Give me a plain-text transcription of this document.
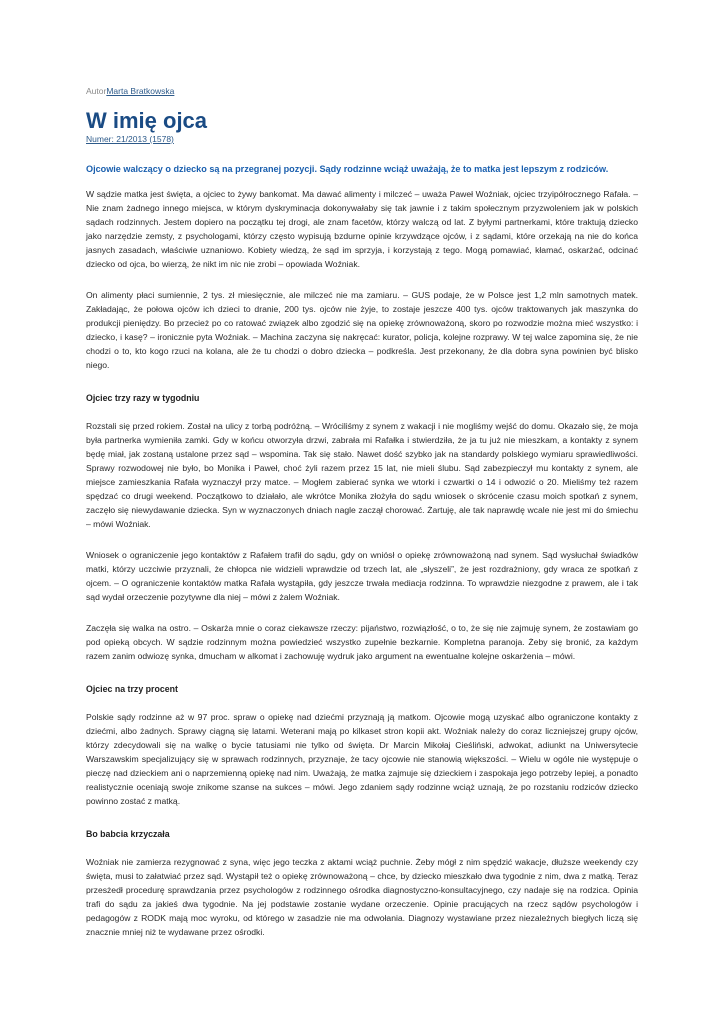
AutorMarta Bratkowska
W imię ojca
Numer: 21/2013 (1578)

Ojcowie walczący o dziecko są na przegranej pozycji. Sądy rodzinne wciąż uważają, że to matka jest lepszym z rodziców.

W sądzie matka jest święta, a ojciec to żywy bankomat. Ma dawać alimenty i milczeć – uważa Paweł Woźniak, ojciec trzyipółrocznego Rafała. – Nie znam żadnego innego miejsca, w którym dyskryminacja dokonywałaby się tak jawnie i z takim społecznym przyzwoleniem jak w polskich sądach rodzinnych. Jestem dopiero na początku tej drogi, ale znam facetów, którzy walczą od lat. Z byłymi partnerkami, które traktują dziecko jako narzędzie zemsty, z psychologami, którzy często wypisują bzdurne opinie krzywdzące ojców, i z sądami, które orzekają na nie do końca jasnych zasadach, właściwie uznaniowo. Kobiety wiedzą, że sąd im sprzyja, i korzystają z tego. Mogą pomawiać, kłamać, oskarżać, odcinać dziecko od ojca, bo wierzą, że nikt im nic nie zrobi – opowiada Woźniak.

On alimenty płaci sumiennie, 2 tys. zł miesięcznie, ale milczeć nie ma zamiaru. – GUS podaje, że w Polsce jest 1,2 mln samotnych matek. Zakładając, że połowa ojców ich dzieci to dranie, 200 tys. ojców nie żyje, to zostaje jeszcze 400 tys. ojców traktowanych jak maszynka do produkcji pieniędzy. Bo przecież po co ratować związek albo zgodzić się na opiekę zrównoważoną, skoro po rozwodzie można mieć wszystko: i dziecko, i kasę? – ironicznie pyta Woźniak. – Machina zaczyna się nakręcać: kurator, policja, kolejne rozprawy. W tej walce zapomina się, że nie chodzi o to, kto kogo rzuci na kolana, ale że tu chodzi o dobro dziecka – podkreśla. Jest przekonany, że dla dobra syna powinien być blisko niego.

Ojciec trzy razy w tygodniu

Rozstali się przed rokiem. Został na ulicy z torbą podróżną. – Wróciliśmy z synem z wakacji i nie mogliśmy wejść do domu. Okazało się, że moja była partnerka wymieniła zamki. Gdy w końcu otworzyła drzwi, zabrała mi Rafałka i stwierdziła, że ja tu już nie mieszkam, a kontakty z synem będę miał, jak zostaną ustalone przez sąd – wspomina. Tak się stało. Nawet dość szybko jak na standardy polskiego wymiaru sprawiedliwości. Sprawy rozwodowej nie było, bo Monika i Paweł, choć żyli razem przez 15 lat, nie mieli ślubu. Sąd zabezpieczył mu kontakty z synem, ale miejsce zamieszkania Rafała wyznaczył przy matce. – Mogłem zabierać synka we wtorki i czwartki o 14 i odwozić o 20. Mieliśmy też razem spędzać co drugi weekend. Początkowo to działało, ale wkrótce Monika złożyła do sądu wniosek o skrócenie czasu moich spotkań z synem, zaczęło się niewydawanie dziecka. Syn w wyznaczonych dniach nagle zaczął chorować. Żartuję, ale tak naprawdę wcale nie jest mi do śmiechu – mówi Woźniak.

Wniosek o ograniczenie jego kontaktów z Rafałem trafił do sądu, gdy on wniósł o opiekę zrównoważoną nad synem. Sąd wysłuchał świadków matki, którzy uczciwie przyznali, że chłopca nie widzieli wprawdzie od trzech lat, ale „słyszeli”, że jest rozdrażniony, gdy wraca ze spotkań z ojcem. – O ograniczenie kontaktów matka Rafała wystąpiła, gdy jeszcze trwała mediacja rodzinna. To wprawdzie niezgodne z prawem, ale i tak sąd wydał orzeczenie pozytywne dla niej – mówi z żalem Woźniak.

Zaczęła się walka na ostro. – Oskarża mnie o coraz ciekawsze rzeczy: pijaństwo, rozwiązłość, o to, że się nie zajmuję synem, że zostawiam go pod opieką obcych. W sądzie rodzinnym można powiedzieć wszystko zupełnie bezkarnie. Kompletna paranoja. Żeby się bronić, za każdym razem zanim odwiozę synka, dmucham w alkomat i zachowuję wydruk jako argument na ewentualne kolejne oskarżenia – mówi.

Ojciec na trzy procent

Polskie sądy rodzinne aż w 97 proc. spraw o opiekę nad dziećmi przyznają ją matkom. Ojcowie mogą uzyskać albo ograniczone kontakty z dziećmi, albo żadnych. Sprawy ciągną się latami. Weterani mają po kilkaset stron kopii akt. Woźniak należy do coraz liczniejszej grupy ojców, którzy zdecydowali się na walkę o bycie tatusiami nie tylko od święta. Dr Marcin Mikołaj Cieśliński, adwokat, adiunkt na Uniwersytecie Warszawskim specjalizujący się w sprawach rodzinnych, przyznaje, że tacy ojcowie nie stanowią większości. – Wielu w ogóle nie występuje o pieczę nad dzieckiem ani o naprzemienną opiekę nad nim. Uważają, że matka zajmuje się dzieckiem i zaspokaja jego potrzeby lepiej, a ponadto realistycznie oceniają swoje znikome szanse na sukces – mówi. Jego zdaniem sądy rodzinne wciąż uznają, że po rozstaniu rodziców dziecko powinno zostać z matką.

Bo babcia krzyczała

Woźniak nie zamierza rezygnować z syna, więc jego teczka z aktami wciąż puchnie. Żeby mógł z nim spędzić wakacje, dłuższe weekendy czy święta, musi to załatwiać przez sąd. Wystąpił też o opiekę zrównoważoną – chce, by dziecko mieszkało dwa tygodnie z nim, dwa z matką. Teraz przesżedł procedurę sprawdzania przez psychologów z rodzinnego ośrodka diagnostyczno-konsultacyjnego, czy nadaje się na rodzica. Opinia trafi do sądu za jakieś dwa tygodnie. Na jej podstawie zostanie wydane orzeczenie. Opinie pracujących na rzecz sądów psychologów i pedagogów z RODK mają moc wyroku, od którego w zasadzie nie ma odwołania. Diagnozy wystawiane przez niezależnych biegłych liczą się znacznie mniej niż te wydawane przez ośrodki.
